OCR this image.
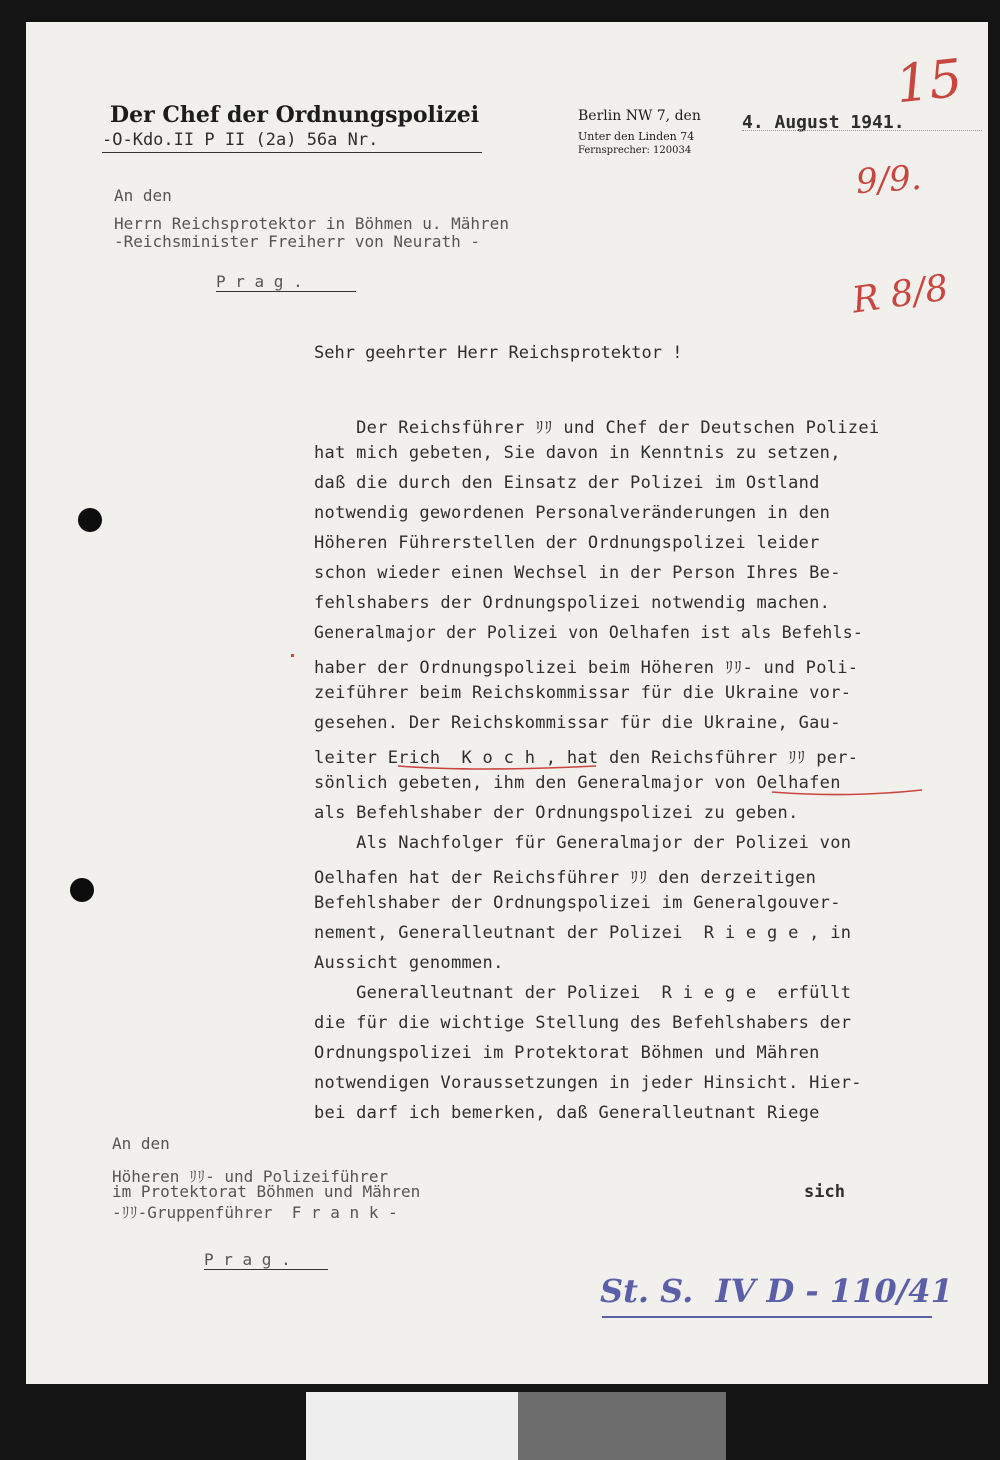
Der Chef der Ordnungspolizei
-O-Kdo.II P II (2a) 56a Nr.
Berlin NW 7, den
Unter den Linden 74
Fernsprecher: 120034
4. August 1941.
15
9/9.
R 8/8
An den
Herrn Reichsprotektor in Böhmen u. Mähren
-Reichsminister Freiherr von Neurath -
P r a g .
Sehr geehrter Herr Reichsprotektor !
Der Reichsführer ﾘﾘ und Chef der Deutschen Polizei
hat mich gebeten, Sie davon in Kenntnis zu setzen,
daß die durch den Einsatz der Polizei im Ostland
notwendig gewordenen Personalveränderungen in den
Höheren Führerstellen der Ordnungspolizei leider
schon wieder einen Wechsel in der Person Ihres Be-
fehlshabers der Ordnungspolizei notwendig machen.
Generalmajor der Polizei von Oelhafen ist als Befehls-
haber der Ordnungspolizei beim Höheren ﾘﾘ- und Poli-
zeiführer beim Reichskommissar für die Ukraine vor-
gesehen. Der Reichskommissar für die Ukraine, Gau-
leiter Erich  K o c h , hat den Reichsführer ﾘﾘ per-
sönlich gebeten, ihm den Generalmajor von Oelhafen
als Befehlshaber der Ordnungspolizei zu geben.
Als Nachfolger für Generalmajor der Polizei von
Oelhafen hat der Reichsführer ﾘﾘ den derzeitigen
Befehlshaber der Ordnungspolizei im Generalgouver-
nement, Generalleutnant der Polizei  R i e g e , in
Aussicht genommen.
Generalleutnant der Polizei  R i e g e  erfüllt
die für die wichtige Stellung des Befehlshabers der
Ordnungspolizei im Protektorat Böhmen und Mähren
notwendigen Voraussetzungen in jeder Hinsicht. Hier-
bei darf ich bemerken, daß Generalleutnant Riege
An den
Höheren ﾘﾘ- und Polizeiführer
im Protektorat Böhmen und Mähren
-ﾘﾘ-Gruppenführer  F r a n k -
P r a g .
sich
St. S.  IV D - 110/41
